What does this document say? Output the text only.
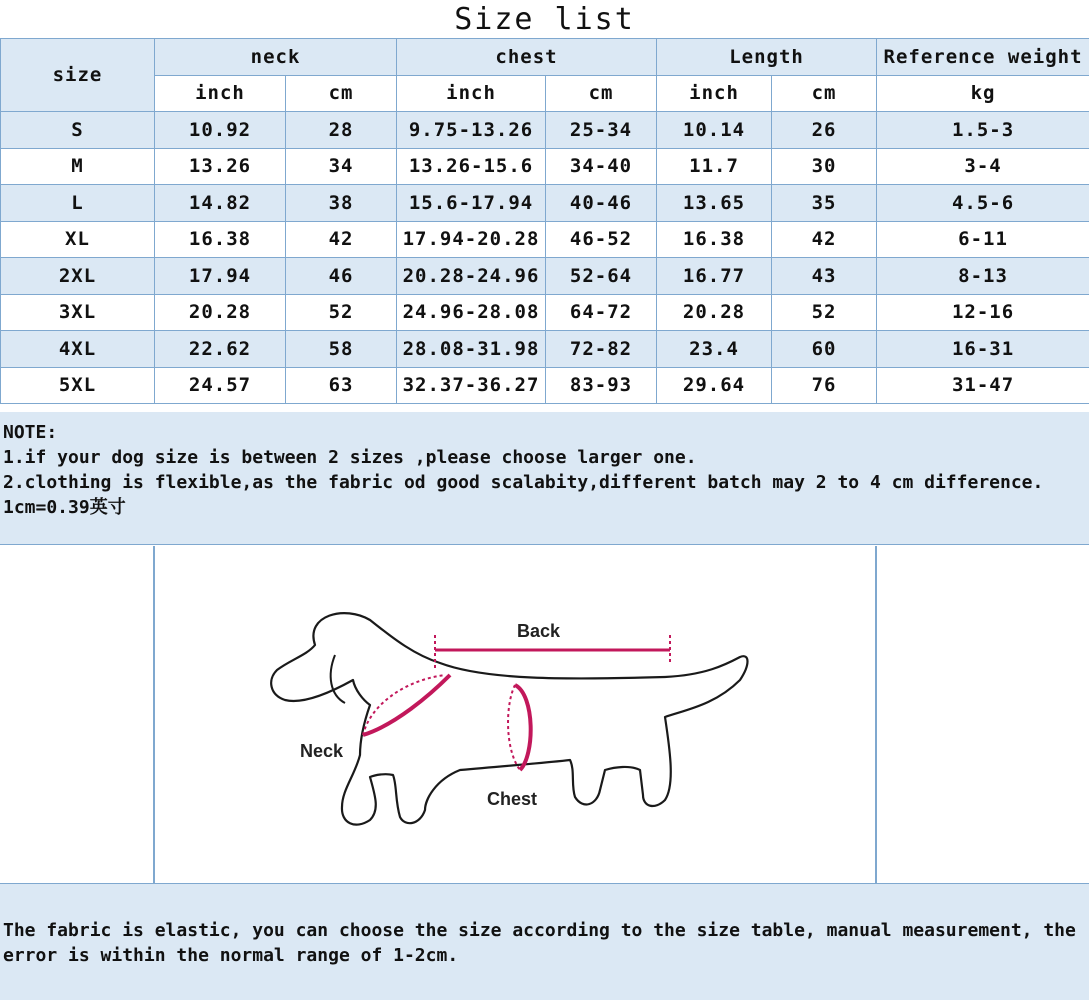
Size list
size	neck		chest		Length		Reference weight
	inch	cm	inch	cm	inch	cm	kg
S	10.92	28	9.75-13.26	25-34	10.14	26	1.5-3
M	13.26	34	13.26-15.6	34-40	11.7	30	3-4
L	14.82	38	15.6-17.94	40-46	13.65	35	4.5-6
XL	16.38	42	17.94-20.28	46-52	16.38	42	6-11
2XL	17.94	46	20.28-24.96	52-64	16.77	43	8-13
3XL	20.28	52	24.96-28.08	64-72	20.28	52	12-16
4XL	22.62	58	28.08-31.98	72-82	23.4	60	16-31
5XL	24.57	63	32.37-36.27	83-93	29.64	76	31-47
NOTE:
1.if your dog size is between 2 sizes ,please choose larger one.
2.clothing is flexible,as the fabric od good scalabity,different batch may 2 to 4 cm difference.
1cm=0.39英寸
Back
Neck
Chest
The fabric is elastic, you can choose the size according to the size table, manual measurement, the error is within the normal range of 1-2cm.
